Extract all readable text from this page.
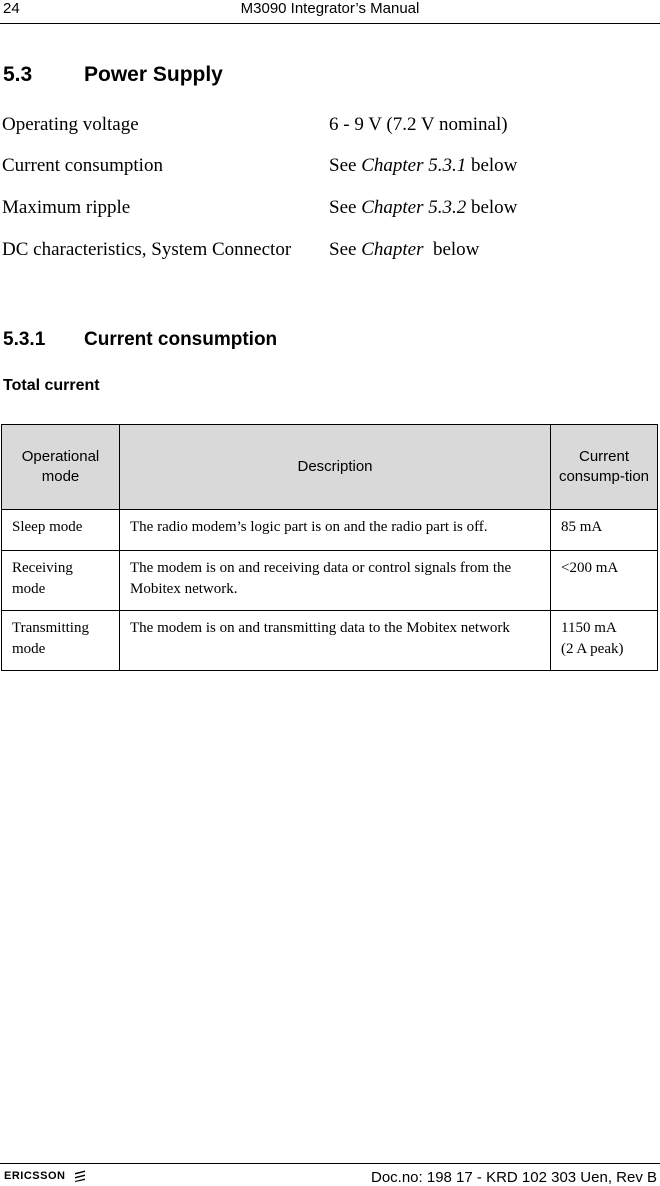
24	M3090 Integrator’s Manual
5.3 Power Supply
Operating voltage	6 - 9 V (7.2 V nominal)
Current consumption	See Chapter 5.3.1 below
Maximum ripple	See Chapter 5.3.2 below
DC characteristics, System Connector See Chapter  below
5.3.1 Current consumption
Total current
Operational mode	Description	Current consump-tion
Sleep mode	The radio modem’s logic part is on and the radio part is off.	85 mA

Receiving mode	The modem is on and receiving data or control signals from the Mobitex network.	<200 mA

Transmitting mode	The modem is on and transmitting data to the Mobitex network	1150 mA
(2 A peak)
ERICSSON	Doc.no: 198 17 - KRD 102 303 Uen, Rev B
